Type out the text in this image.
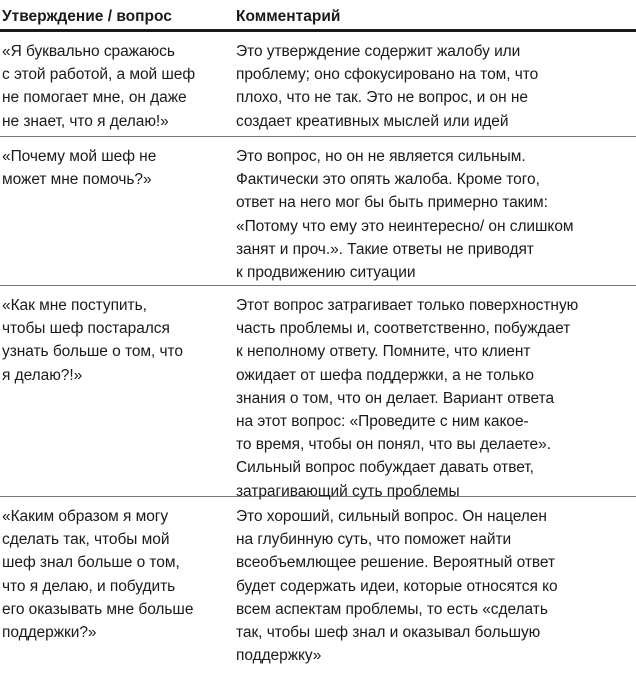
Утверждение / вопрос	Комментарий
«Я буквально сражаюсь
с этой работой, а мой шеф
не помогает мне, он даже
не знает, что я делаю!»
Это утверждение содержит жалобу или
проблему; оно сфокусировано на том, что
плохо, что не так. Это не вопрос, и он не
создает креативных мыслей или идей
«Почему мой шеф не
может мне помочь?»
Это вопрос, но он не является сильным.
Фактически это опять жалоба. Кроме того,
ответ на него мог бы быть примерно таким:
«Потому что ему это неинтересно/ он слишком
занят и проч.». Такие ответы не приводят
к продвижению ситуации
«Как мне поступить,
чтобы шеф постарался
узнать больше о том, что
я делаю?!»
Этот вопрос затрагивает только поверхностную
часть проблемы и, соответственно, побуждает
к неполному ответу. Помните, что клиент
ожидает от шефа поддержки, а не только
знания о том, что он делает. Вариант ответа
на этот вопрос: «Проведите с ним какое-
то время, чтобы он понял, что вы делаете».
Сильный вопрос побуждает давать ответ,
затрагивающий суть проблемы
«Каким образом я могу
сделать так, чтобы мой
шеф знал больше о том,
что я делаю, и побудить
его оказывать мне больше
поддержки?»
Это хороший, сильный вопрос. Он нацелен
на глубинную суть, что поможет найти
всеобъемлющее решение. Вероятный ответ
будет содержать идеи, которые относятся ко
всем аспектам проблемы, то есть «сделать
так, чтобы шеф знал и оказывал большую
поддержку»
